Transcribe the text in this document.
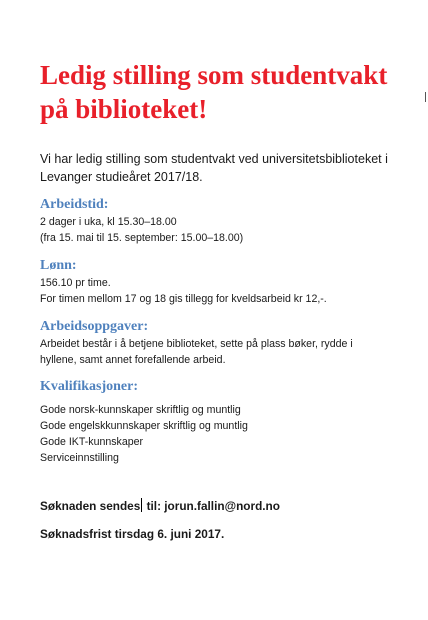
Ledig stilling som studentvakt på biblioteket!
Vi har ledig stilling som studentvakt ved universitetsbiblioteket i Levanger studieåret 2017/18.
Arbeidstid:
2 dager i uka, kl 15.30–18.00
(fra 15. mai til 15. september: 15.00–18.00)
Lønn:
156.10 pr time.
For timen mellom 17 og 18 gis tillegg for kveldsarbeid kr 12,-.
Arbeidsoppgaver:
Arbeidet består i å betjene biblioteket, sette på plass bøker, rydde i
hyllene, samt annet forefallende arbeid.
Kvalifikasjoner:
Gode norsk-kunnskaper skriftlig og muntlig
Gode engelskkunnskaper skriftlig og muntlig
Gode IKT-kunnskaper
Serviceinnstilling
Søknaden sendes til: jorun.fallin@nord.no
Søknadsfrist tirsdag 6. juni 2017.
